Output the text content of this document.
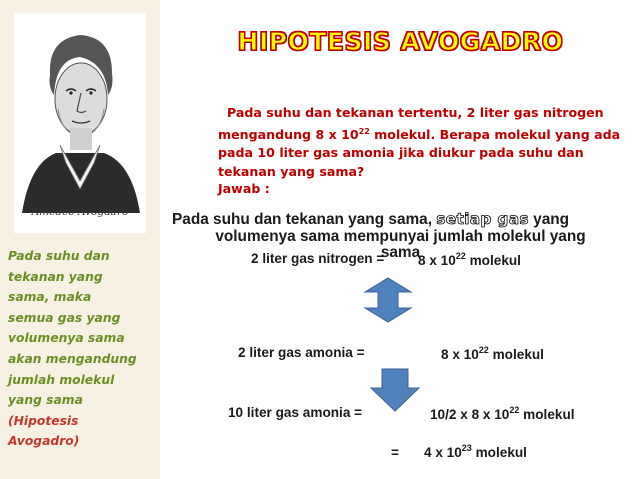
Amedeo Avogadro
Pada suhu dan
tekanan yang
sama, maka
semua gas yang
volumenya sama
akan mengandung
jumlah molekul
yang sama
(Hipotesis
Avogadro)
HIPOTESIS AVOGADRO
Pada suhu dan tekanan tertentu, 2 liter gas nitrogen
mengandung 8 x $10^{22}$ molekul. Berapa molekul yang ada
pada 10 liter gas amonia jika diukur pada suhu dan
tekanan yang sama?
Jawab :
Pada suhu dan tekanan yang sama, setiap gas yang
volumenya sama mempunyai jumlah molekul yang
sama
2 liter gas nitrogen = 8 x $10^{22}$ molekul
2 liter gas amonia =	8 x $10^{22}$ molekul
10 liter gas amonia =	10/2 x 8 x $10^{22}$ molekul
= 4 x $10^{23}$ molekul
